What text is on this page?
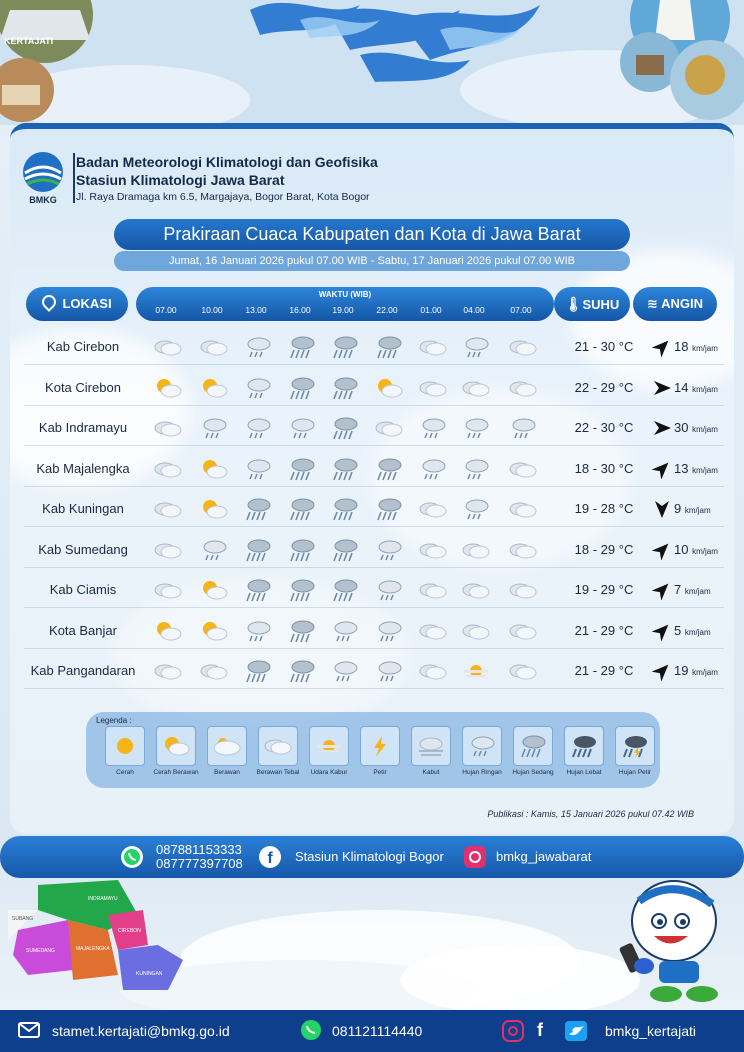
KERTAJATI
BMKG
Badan Meteorologi Klimatologi dan Geofisika
Stasiun Klimatologi Jawa Barat
Jl. Raya Dramaga km 6.5, Margajaya, Bogor Barat, Kota Bogor
Prakiraan Cuaca Kabupaten dan Kota di Jawa Barat
Jumat, 16 Januari 2026 pukul 07.00 WIB - Sabtu, 17 Januari 2026 pukul 07.00 WIB
LOKASI
WAKTU (WIB)
07.00	10.00	13.00	16.00	19.00	22.00	01.00	04.00	07.00	🌡SUHU	≋ ANGIN
Kab Cirebon	21 - 30 °C	18 km/jam
Kota Cirebon	22 - 29 °C	14 km/jam
Kab Indramayu	22 - 30 °C	30 km/jam
Kab Majalengka	18 - 30 °C	13 km/jam
Kab Kuningan	19 - 28 °C	9 km/jam
Kab Sumedang	18 - 29 °C	10 km/jam
Kab Ciamis	19 - 29 °C	7 km/jam
Kota Banjar	21 - 29 °C	5 km/jam
Kab Pangandaran	21 - 29 °C	19 km/jam
Legenda :
Cerah	Cerah Berawan	Berawan	Berawan Tebal	Udara Kabur	Petir	Kabut	Hujan Ringan	Hujan Sedang	Hujan Lebat	Hujan Petir
Publikasi : Kamis, 15 Januari 2026 pukul 07.42 WIB
087881153333
087777397708 f Stasiun Klimatologi Bogor	bmkg_jawabarat
INDRAMAYU
MAJALENGKA
SUMEDANG
CIREBON
KUNINGAN
SUBANG
stamet.kertajati@bmkg.go.id	081121114440	f	bmkg_kertajati
